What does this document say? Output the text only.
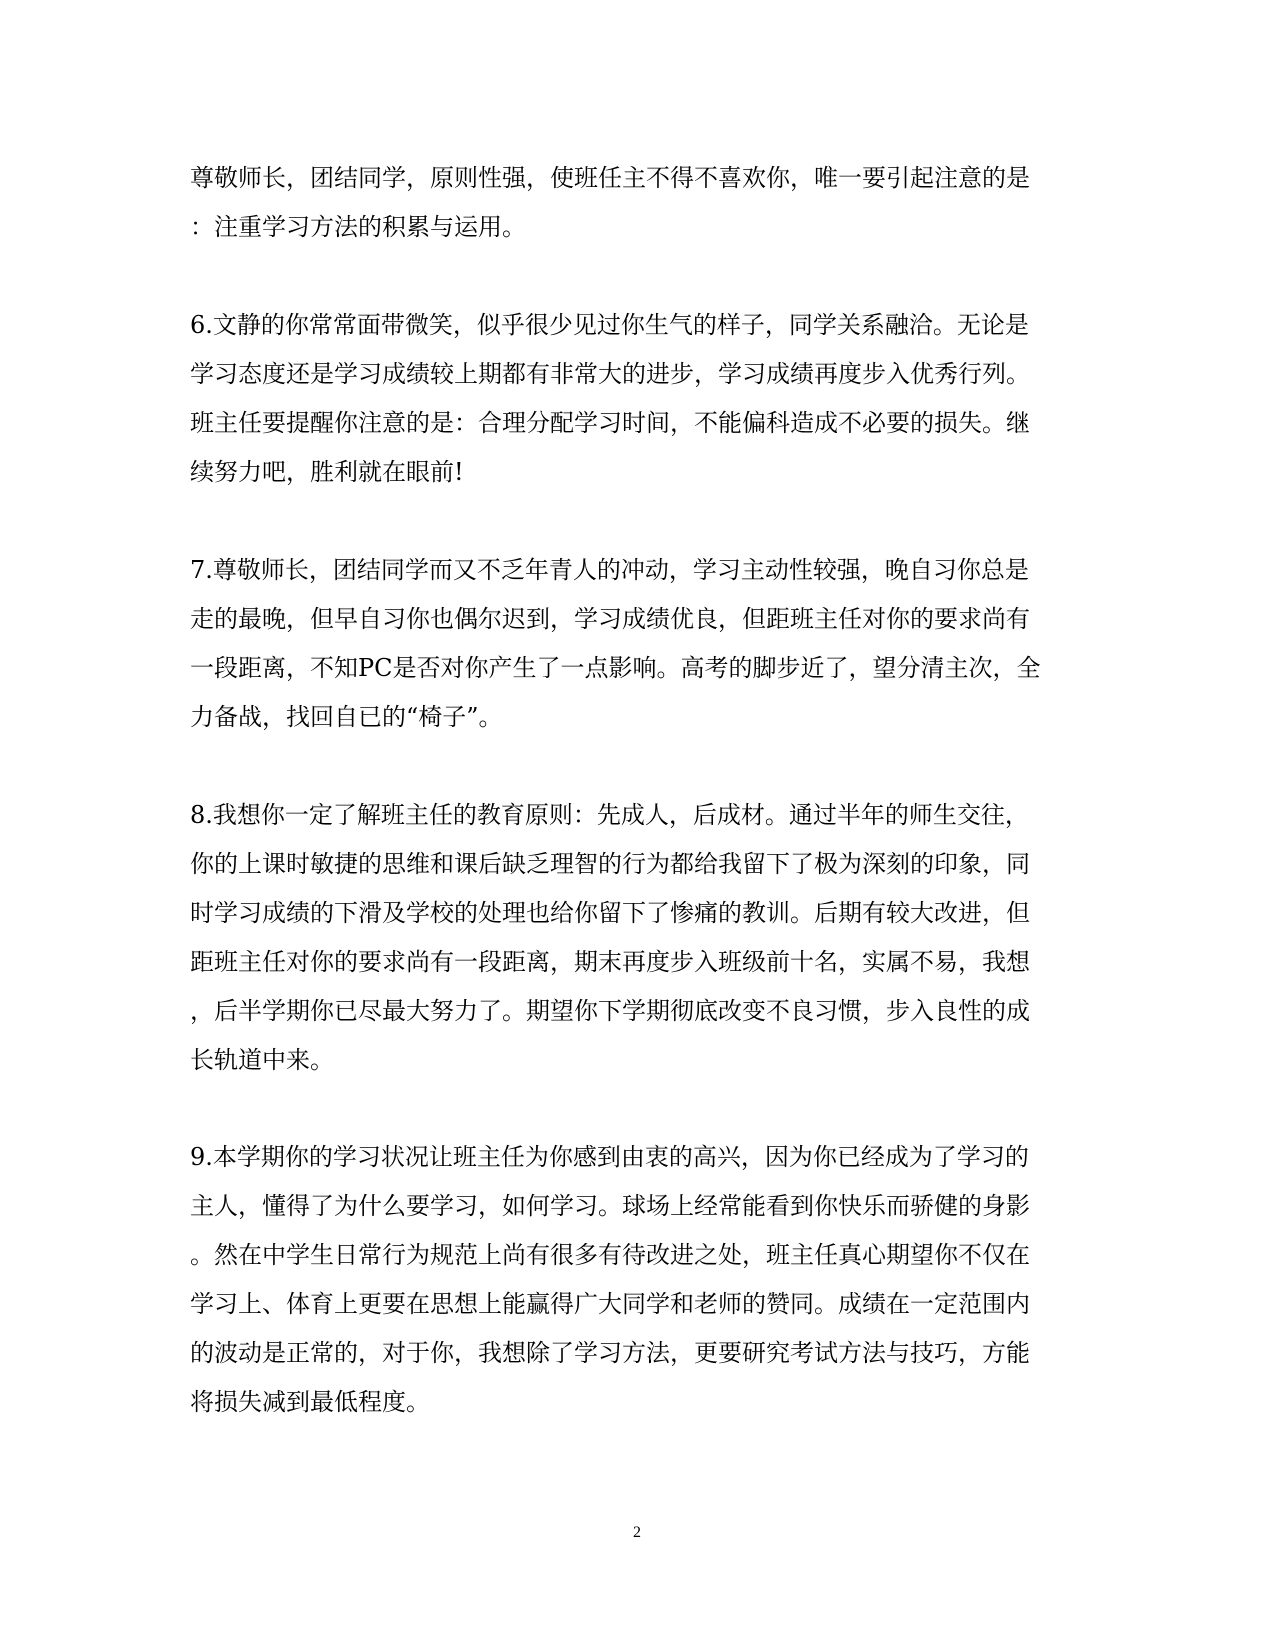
尊敬师长，团结同学，原则性强，使班任主不得不喜欢你，唯一要引起注意的是
：注重学习方法的积累与运用。
6.文静的你常常面带微笑，似乎很少见过你生气的样子，同学关系融洽。无论是
学习态度还是学习成绩较上期都有非常大的进步，学习成绩再度步入优秀行列。
班主任要提醒你注意的是：合理分配学习时间，不能偏科造成不必要的损失。继
续努力吧，胜利就在眼前!
7.尊敬师长，团结同学而又不乏年青人的冲动，学习主动性较强，晚自习你总是
走的最晚，但早自习你也偶尔迟到，学习成绩优良，但距班主任对你的要求尚有
一段距离，不知PC是否对你产生了一点影响。高考的脚步近了，望分清主次，全
力备战，找回自已的“椅子”。
8.我想你一定了解班主任的教育原则：先成人，后成材。通过半年的师生交往，
你的上课时敏捷的思维和课后缺乏理智的行为都给我留下了极为深刻的印象，同
时学习成绩的下滑及学校的处理也给你留下了惨痛的教训。后期有较大改进，但
距班主任对你的要求尚有一段距离，期末再度步入班级前十名，实属不易，我想
，后半学期你已尽最大努力了。期望你下学期彻底改变不良习惯，步入良性的成
长轨道中来。
9.本学期你的学习状况让班主任为你感到由衷的高兴，因为你已经成为了学习的
主人，懂得了为什么要学习，如何学习。球场上经常能看到你快乐而骄健的身影
。然在中学生日常行为规范上尚有很多有待改进之处，班主任真心期望你不仅在
学习上、体育上更要在思想上能赢得广大同学和老师的赞同。成绩在一定范围内
的波动是正常的，对于你，我想除了学习方法，更要研究考试方法与技巧，方能
将损失减到最低程度。
2
